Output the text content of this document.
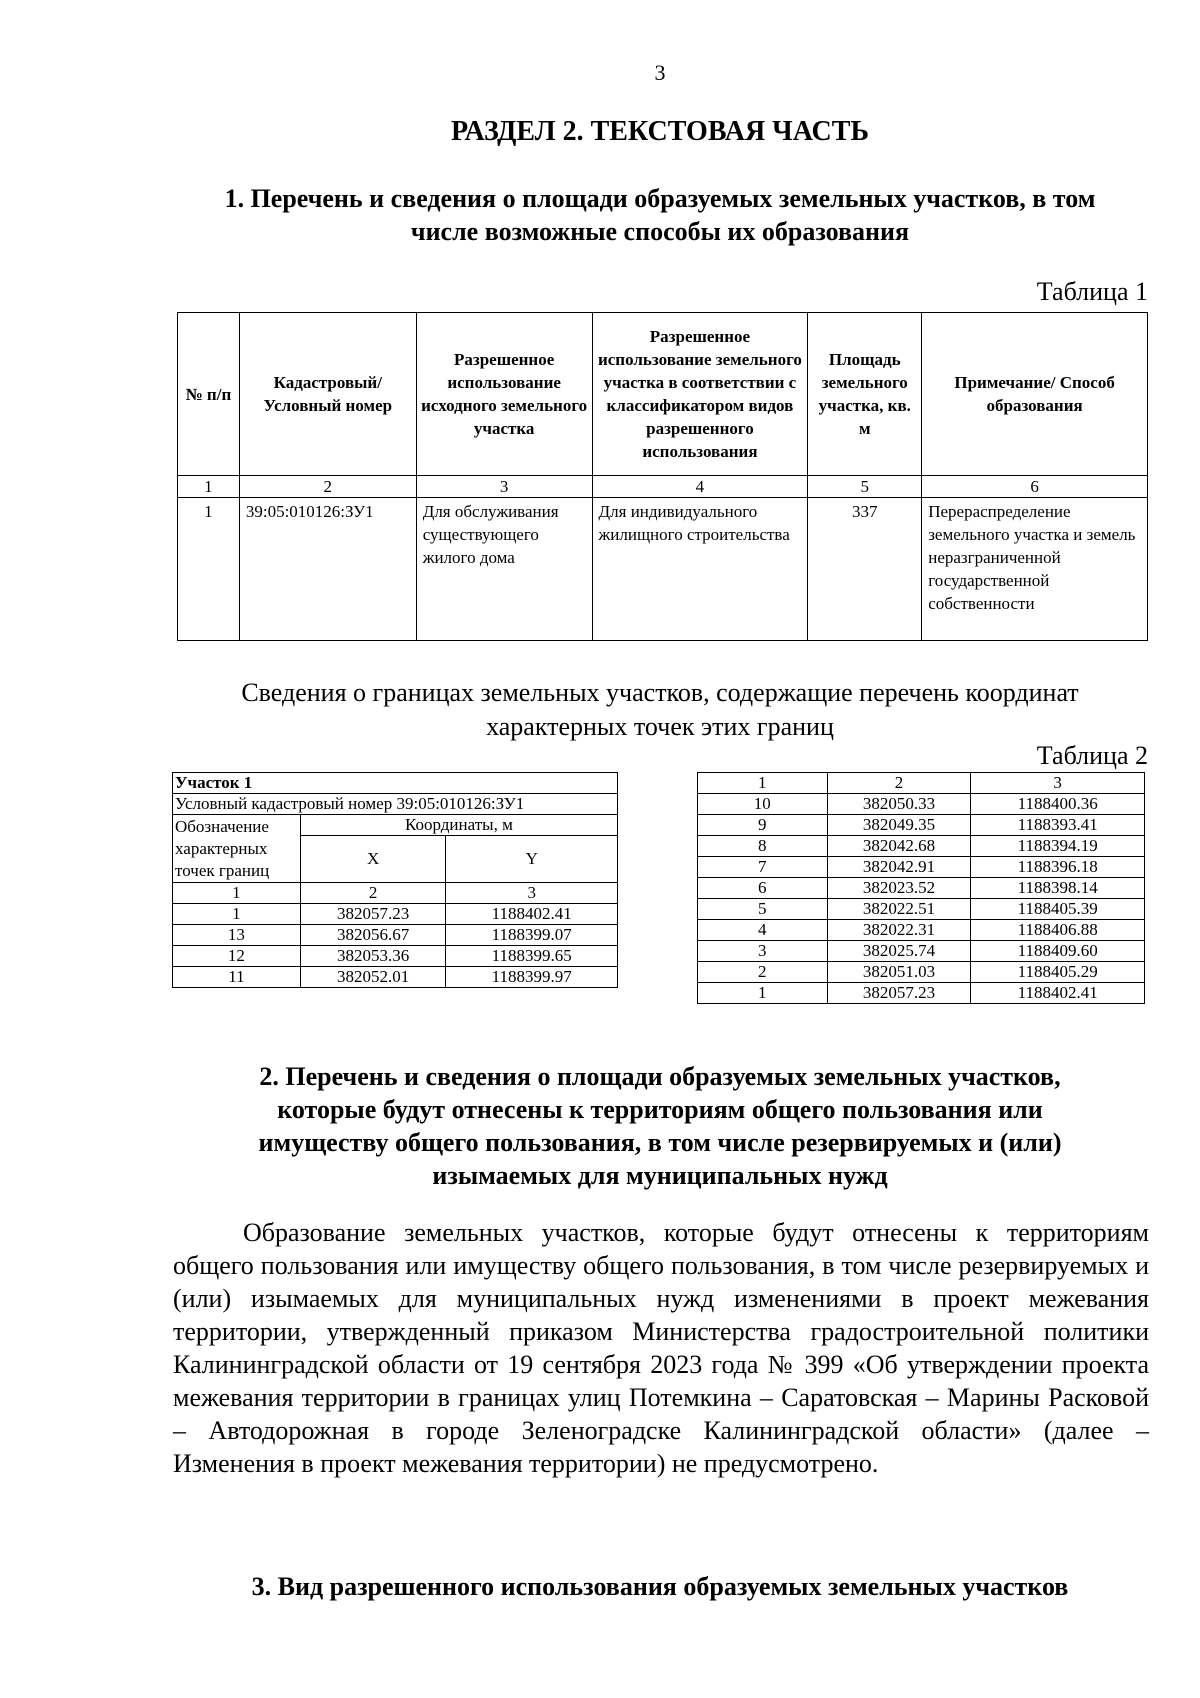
3
РАЗДЕЛ 2. ТЕКСТОВАЯ ЧАСТЬ
1. Перечень и сведения о площади образуемых земельных участков, в том
числе возможные способы их образования
Таблица 1
№ п/п	Кадастровый/ Условный номер	Разрешенное использование исходного земельного участка	Разрешенное использование земельного участка в соответствии с классификатором видов разрешенного использования	Площадь земельного участка, кв. м	Примечание/ Способ образования
1	2	3	4	5	6
1	39:05:010126:ЗУ1	Для обслуживания существующего жилого дома	Для индивидуального жилищного строительства	337	Перераспределение земельного участка и земель неразграниченной государственной собственности
Сведения о границах земельных участков, содержащие перечень координат
характерных точек этих границ
Таблица 2
Участок 1		
Условный кадастровый номер 39:05:010126:ЗУ1		
Обозначение характерных точек границ	Координаты, м	
	X	Y
1	2	3
1	382057.23	1188402.41
13	382056.67	1188399.07
12	382053.36	1188399.65
11	382052.01	1188399.97
1	2	3
10	382050.33	1188400.36
9	382049.35	1188393.41
8	382042.68	1188394.19
7	382042.91	1188396.18
6	382023.52	1188398.14
5	382022.51	1188405.39
4	382022.31	1188406.88
3	382025.74	1188409.60
2	382051.03	1188405.29
1	382057.23	1188402.41
2. Перечень и сведения о площади образуемых земельных участков,
которые будут отнесены к территориям общего пользования или
имуществу общего пользования, в том числе резервируемых и (или)
изымаемых для муниципальных нужд

Образование земельных участков, которые будут отнесены к территориям общего пользования или имуществу общего пользования, в том числе резервируемых и (или) изымаемых для муниципальных нужд изменениями в проект межевания территории, утвержденный приказом Министерства градостроительной политики Калининградской области от 19 сентября 2023 года № 399 «Об утверждении проекта межевания территории в границах улиц Потемкина – Саратовская – Марины Расковой – Автодорожная в городе Зеленоградске Калининградской области» (далее – Изменения в проект межевания территории) не предусмотрено.

3. Вид разрешенного использования образуемых земельных участков
